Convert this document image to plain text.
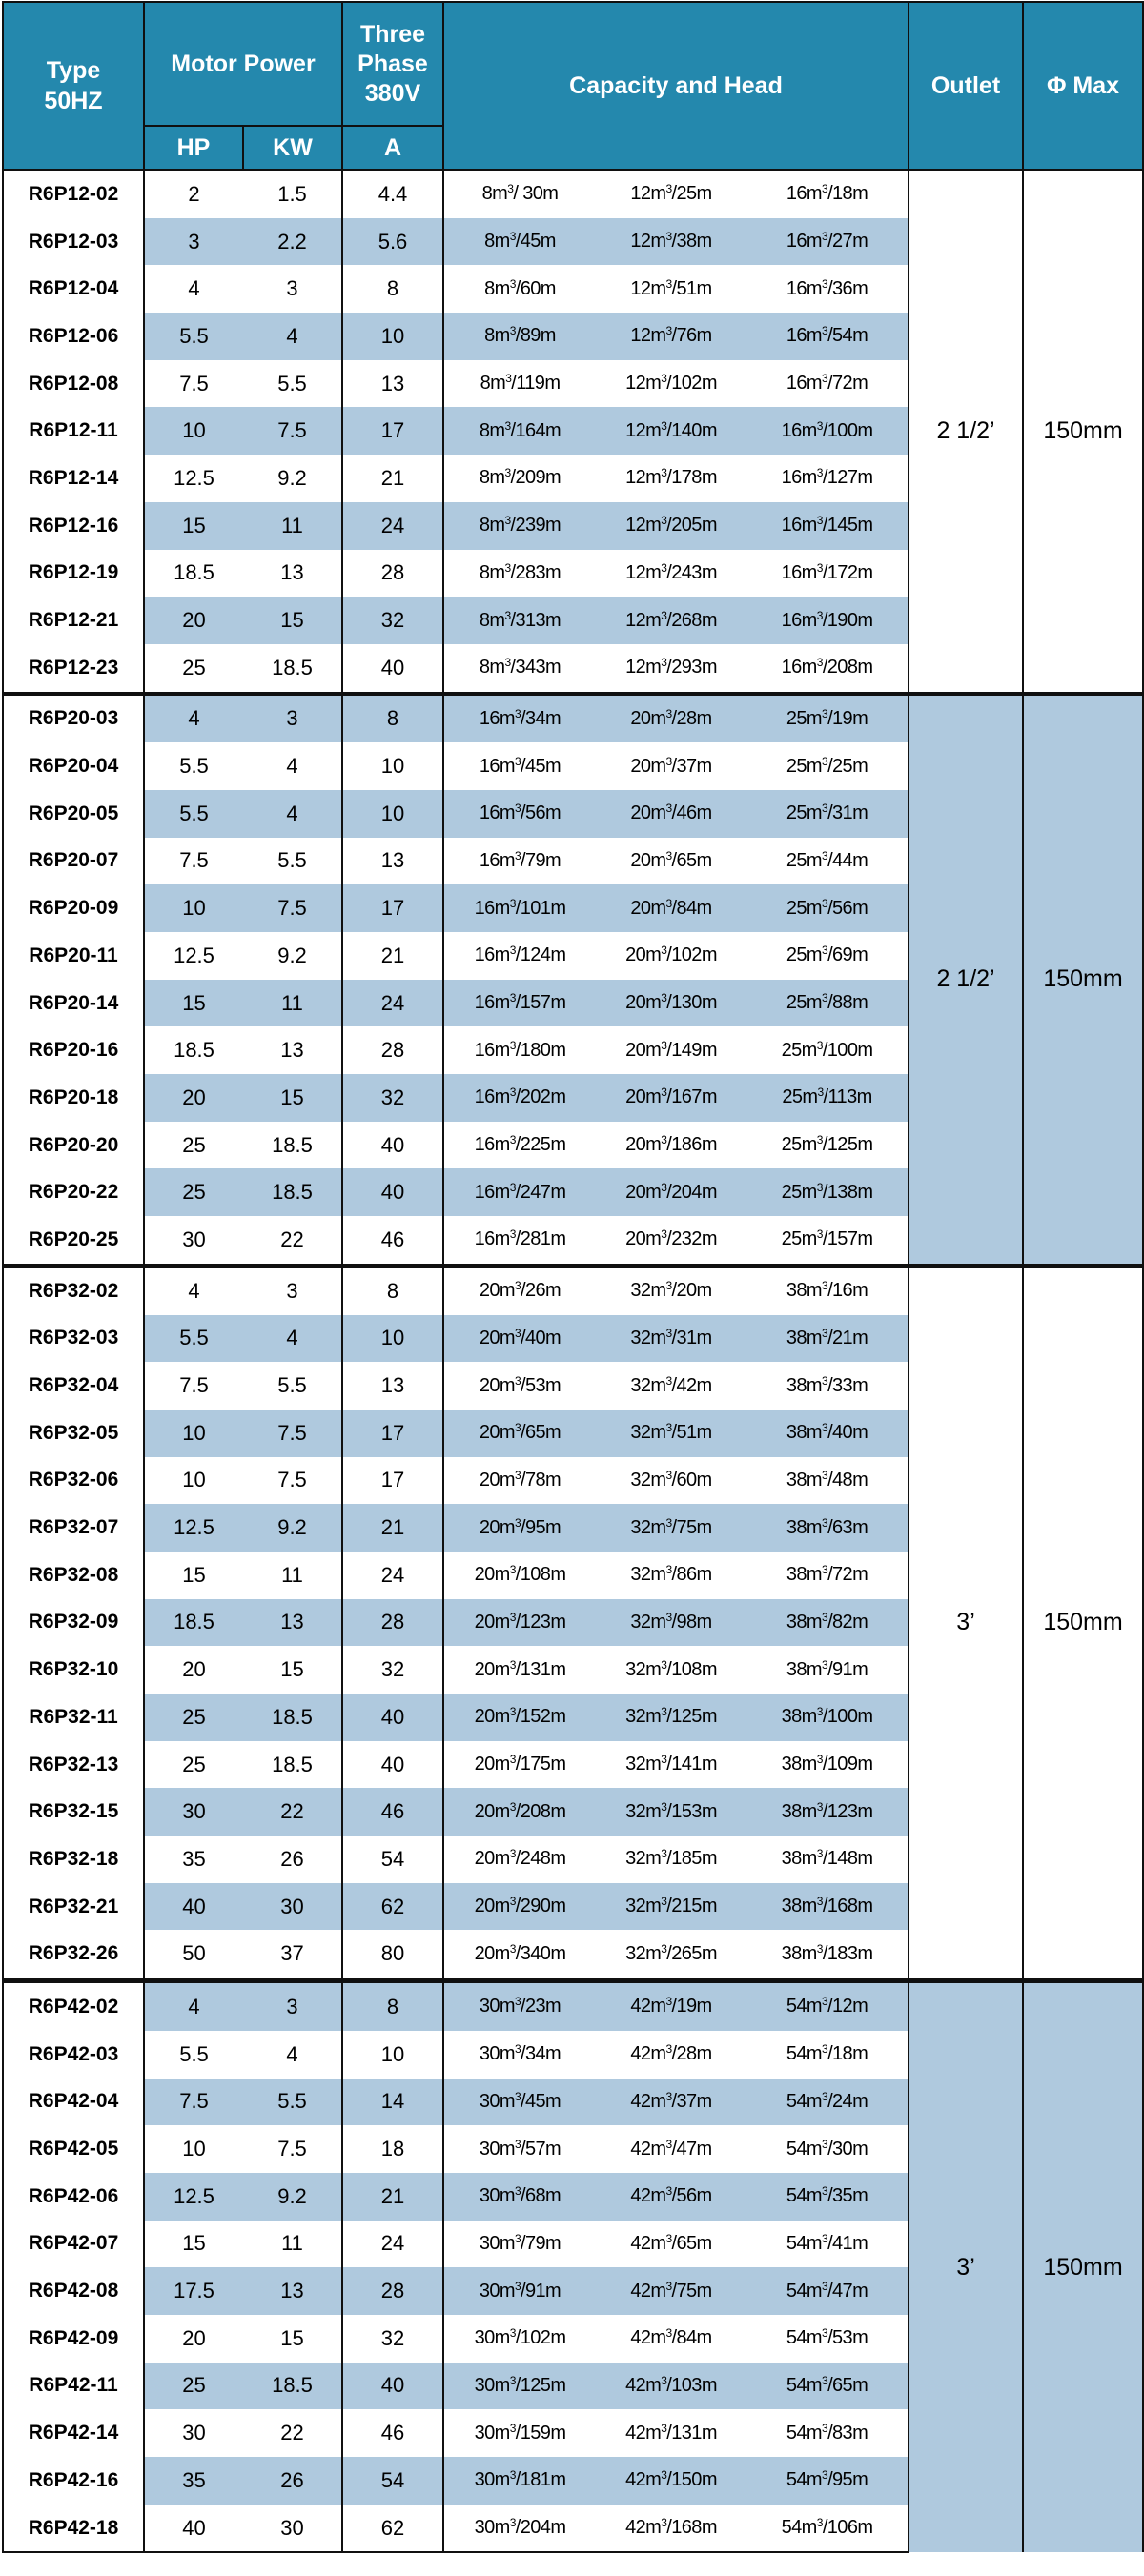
Type
50HZ	Motor Power		Three
Phase
380V	Capacity and Head			Outlet	Φ Max
	HP	KW	A					
R6P12-02	2	1.5	4.4	$8m^3/$ 30m	$12m^3/25m$	$16m^3/18m$	2 1/2’	150mm
R6P12-03	3	2.2	5.6	$8m^3/45m$	$12m^3/38m$	$16m^3/27m$		
R6P12-04	4	3	8	$8m^3/60m$	$12m^3/51m$	$16m^3/36m$		
R6P12-06	5.5	4	10	$8m^3/89m$	$12m^3/76m$	$16m^3/54m$		
R6P12-08	7.5	5.5	13	$8m^3/119m$	$12m^3/102m$	$16m^3/72m$		
R6P12-11	10	7.5	17	$8m^3/164m$	$12m^3/140m$	$16m^3/100m$		
R6P12-14	12.5	9.2	21	$8m^3/209m$	$12m^3/178m$	$16m^3/127m$		
R6P12-16	15	11	24	$8m^3/239m$	$12m^3/205m$	$16m^3/145m$		
R6P12-19	18.5	13	28	$8m^3/283m$	$12m^3/243m$	$16m^3/172m$		
R6P12-21	20	15	32	$8m^3/313m$	$12m^3/268m$	$16m^3/190m$		
R6P12-23	25	18.5	40	$8m^3/343m$	$12m^3/293m$	$16m^3/208m$		
R6P20-03	4	3	8	$16m^3/34m$	$20m^3/28m$	$25m^3/19m$	2 1/2’	150mm
R6P20-04	5.5	4	10	$16m^3/45m$	$20m^3/37m$	$25m^3/25m$		
R6P20-05	5.5	4	10	$16m^3/56m$	$20m^3/46m$	$25m^3/31m$		
R6P20-07	7.5	5.5	13	$16m^3/79m$	$20m^3/65m$	$25m^3/44m$		
R6P20-09	10	7.5	17	$16m^3/101m$	$20m^3/84m$	$25m^3/56m$		
R6P20-11	12.5	9.2	21	$16m^3/124m$	$20m^3/102m$	$25m^3/69m$		
R6P20-14	15	11	24	$16m^3/157m$	$20m^3/130m$	$25m^3/88m$		
R6P20-16	18.5	13	28	$16m^3/180m$	$20m^3/149m$	$25m^3/100m$		
R6P20-18	20	15	32	$16m^3/202m$	$20m^3/167m$	$25m^3/113m$		
R6P20-20	25	18.5	40	$16m^3/225m$	$20m^3/186m$	$25m^3/125m$		
R6P20-22	25	18.5	40	$16m^3/247m$	$20m^3/204m$	$25m^3/138m$		
R6P20-25	30	22	46	$16m^3/281m$	$20m^3/232m$	$25m^3/157m$		
R6P32-02	4	3	8	$20m^3/26m$	$32m^3/20m$	$38m^3/16m$	3’	150mm
R6P32-03	5.5	4	10	$20m^3/40m$	$32m^3/31m$	$38m^3/21m$		
R6P32-04	7.5	5.5	13	$20m^3/53m$	$32m^3/42m$	$38m^3/33m$		
R6P32-05	10	7.5	17	$20m^3/65m$	$32m^3/51m$	$38m^3/40m$		
R6P32-06	10	7.5	17	$20m^3/78m$	$32m^3/60m$	$38m^3/48m$		
R6P32-07	12.5	9.2	21	$20m^3/95m$	$32m^3/75m$	$38m^3/63m$		
R6P32-08	15	11	24	$20m^3/108m$	$32m^3/86m$	$38m^3/72m$		
R6P32-09	18.5	13	28	$20m^3/123m$	$32m^3/98m$	$38m^3/82m$		
R6P32-10	20	15	32	$20m^3/131m$	$32m^3/108m$	$38m^3/91m$		
R6P32-11	25	18.5	40	$20m^3/152m$	$32m^3/125m$	$38m^3/100m$		
R6P32-13	25	18.5	40	$20m^3/175m$	$32m^3/141m$	$38m^3/109m$		
R6P32-15	30	22	46	$20m^3/208m$	$32m^3/153m$	$38m^3/123m$		
R6P32-18	35	26	54	$20m^3/248m$	$32m^3/185m$	$38m^3/148m$		
R6P32-21	40	30	62	$20m^3/290m$	$32m^3/215m$	$38m^3/168m$		
R6P32-26	50	37	80	$20m^3/340m$	$32m^3/265m$	$38m^3/183m$		
R6P42-02	4	3	8	$30m^3/23m$	$42m^3/19m$	$54m^3/12m$	3’	150mm
R6P42-03	5.5	4	10	$30m^3/34m$	$42m^3/28m$	$54m^3/18m$		
R6P42-04	7.5	5.5	14	$30m^3/45m$	$42m^3/37m$	$54m^3/24m$		
R6P42-05	10	7.5	18	$30m^3/57m$	$42m^3/47m$	$54m^3/30m$		
R6P42-06	12.5	9.2	21	$30m^3/68m$	$42m^3/56m$	$54m^3/35m$		
R6P42-07	15	11	24	$30m^3/79m$	$42m^3/65m$	$54m^3/41m$		
R6P42-08	17.5	13	28	$30m^3/91m$	$42m^3/75m$	$54m^3/47m$		
R6P42-09	20	15	32	$30m^3/102m$	$42m^3/84m$	$54m^3/53m$		
R6P42-11	25	18.5	40	$30m^3/125m$	$42m^3/103m$	$54m^3/65m$		
R6P42-14	30	22	46	$30m^3/159m$	$42m^3/131m$	$54m^3/83m$		
R6P42-16	35	26	54	$30m^3/181m$	$42m^3/150m$	$54m^3/95m$		
R6P42-18	40	30	62	$30m^3/204m$	$42m^3/168m$	$54m^3/106m$		
